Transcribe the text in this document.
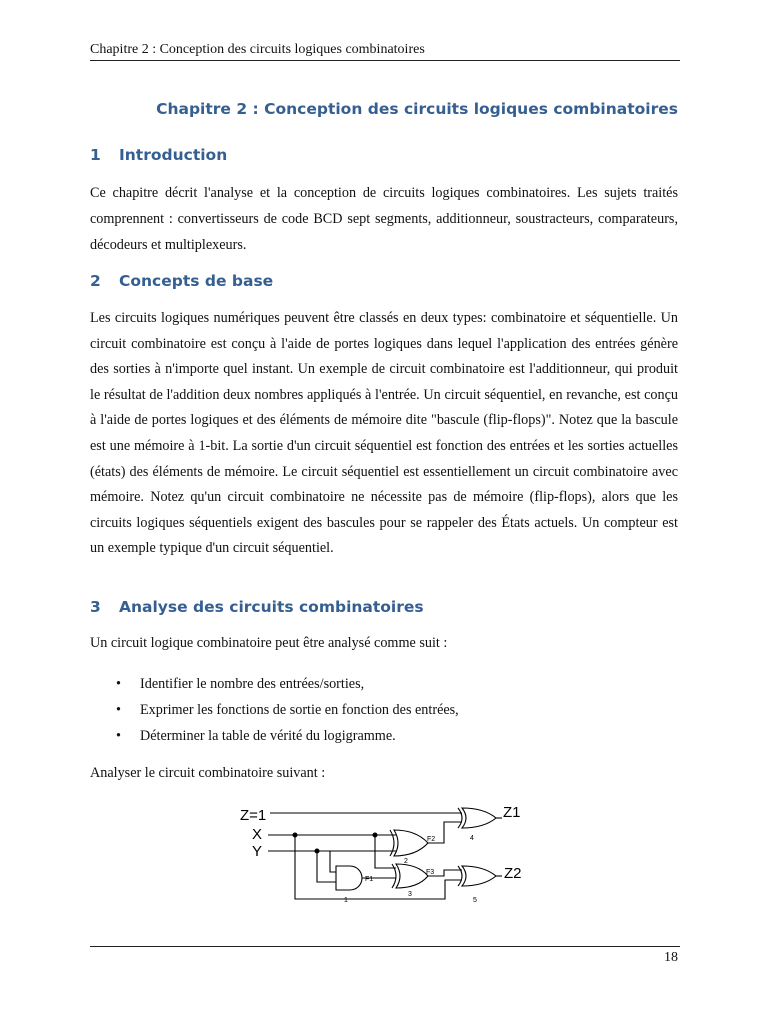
Chapitre 2 : Conception des circuits logiques combinatoires
Chapitre 2 : Conception des circuits logiques combinatoires
1 Introduction
Ce chapitre décrit l'analyse et la conception de circuits logiques combinatoires. Les sujets traités comprennent : convertisseurs de code BCD sept segments, additionneur, soustracteurs, comparateurs, décodeurs et multiplexeurs.
2 Concepts de base
Les circuits logiques numériques peuvent être classés en deux types: combinatoire et séquentielle. Un circuit combinatoire est conçu à l'aide de portes logiques dans lequel l'application des entrées génère des sorties à n'importe quel instant. Un exemple de circuit combinatoire est l'additionneur, qui produit le résultat de l'addition deux nombres appliqués à l'entrée. Un circuit séquentiel, en revanche, est conçu à l'aide de portes logiques et des éléments de mémoire dite "bascule (flip-flops)". Notez que la bascule est une mémoire à 1-bit. La sortie d'un circuit séquentiel est fonction des entrées et les sorties actuelles (états) des éléments de mémoire. Le circuit séquentiel est essentiellement un circuit combinatoire avec mémoire. Notez qu'un circuit combinatoire ne nécessite pas de mémoire (flip-flops), alors que les circuits logiques séquentiels exigent des bascules pour se rappeler des États actuels. Un compteur est un exemple typique d'un circuit séquentiel.
3 Analyse des circuits combinatoires
Un circuit logique combinatoire peut être analysé comme suit :
• Identifier le nombre des entrées/sorties,
• Exprimer les fonctions de sortie en fonction des entrées,
• Déterminer la table de vérité du logigramme.
Analyser le circuit combinatoire suivant :
Z=1
X
Y
Z1
Z2
F1
F2
F3
1
2
3
4
5
18
